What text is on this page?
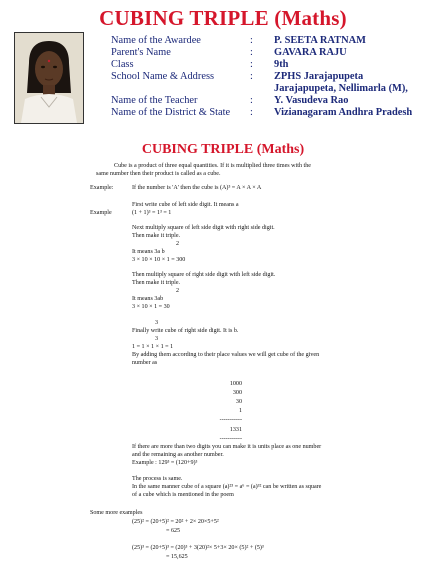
CUBING TRIPLE (Maths)
Name of the Awardee	: P. SEETA RATNAM
Parent's Name	: GAVARA RAJU
Class	: 9th
School Name & Address	: ZPHS Jarajapupeta
Jarajapupeta, Nellimarla (M),
Name of the Teacher	: Y. Vasudeva Rao
Name of the District & State : Vizianagaram Andhra Pradesh
CUBING TRIPLE (Maths)
Cube is a product of three equal quantities. If it is multiplied three times with the
same number then their product is called as a cube.
Example:	If the number is 'A' then the cube is (A)³ = A × A × A
First write cube of left side digit. It means a
Example	(1 + 1)³ = 1³ = 1
Next multiply square of left side digit with right side digit.
Then make it triple.
2
It means 3a b
3 × 10 × 10 × 1 = 300
Then multiply square of right side digit with left side digit.
Then make it triple.
2
It means 3ab
3 × 10 × 1 = 30
3
Finally write cube of right side digit. It is b.
3
1 = 1 × 1 × 1 = 1
By adding them according to their place values we will get cube of the given
number as
1000
300
30
1
-----------
1331
-----------
If there are more than two digits you can make it is units place as one number
and the remaining as another number.
Example : 129³ = (120+9)³
The process is same.
In the same manner cube of a square (a)²³ = a⁶ = (a)³² can be written as square
of a cube which is mentioned in the poem
Some more examples
(25)² = (20+5)² = 20² + 2× 20×5+5²
= 625
(25)³ = (20+5)³ = (20)³ + 3(20)²× 5+3× 20× (5)² + (5)³
= 15,625
